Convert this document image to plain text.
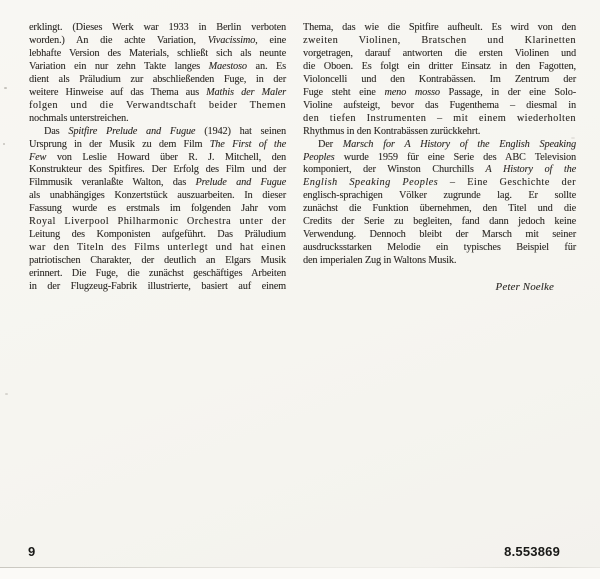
erklingt. (Dieses Werk war 1933 in Berlin verboten
worden.) An die achte Variation, Vivacissimo, eine
lebhafte Version des Materials, schließt sich als neunte
Variation ein nur zehn Takte langes Maestoso an. Es
dient als Präludium zur abschließenden Fuge, in der
weitere Hinweise auf das Thema aus Mathis der Maler
folgen und die Verwandtschaft beider Themen
nochmals unterstreichen.
Das Spitfire Prelude and Fugue (1942) hat seinen
Ursprung in der Musik zu dem Film The First of the
Few von Leslie Howard über R. J. Mitchell, den
Konstrukteur des Spitfires. Der Erfolg des Film und der
Filmmusik veranlaßte Walton, das Prelude and Fugue
als unabhängiges Konzertstück auszuarbeiten. In dieser
Fassung wurde es erstmals im folgenden Jahr vom
Royal Liverpool Philharmonic Orchestra unter der
Leitung des Komponisten aufgeführt. Das Präludium
war den Titeln des Films unterlegt und hat einen
patriotischen Charakter, der deutlich an Elgars Musik
erinnert. Die Fuge, die zunächst geschäftiges Arbeiten
in der Flugzeug-Fabrik illustrierte, basiert auf einem
Thema, das wie die Spitfire aufheult. Es wird von den
zweiten Violinen, Bratschen und Klarinetten
vorgetragen, darauf antworten die ersten Violinen und
die Oboen. Es folgt ein dritter Einsatz in den Fagotten,
Violoncelli und den Kontrabässen. Im Zentrum der
Fuge steht eine meno mosso Passage, in der eine Solo-
Violine aufsteigt, bevor das Fugenthema – diesmal in
den tiefen Instrumenten – mit einem wiederholten
Rhythmus in den Kontrabässen zurückkehrt.
Der Marsch for A History of the English Speaking
Peoples wurde 1959 für eine Serie des ABC Television
komponiert, der Winston Churchills A History of the
English Speaking Peoples – Eine Geschichte der
englisch-sprachigen Völker zugrunde lag. Er sollte
zunächst die Funktion übernehmen, den Titel und die
Credits der Serie zu begleiten, fand dann jedoch keine
Verwendung. Dennoch bleibt der Marsch mit seiner
ausdrucksstarken Melodie ein typisches Beispiel für
den imperialen Zug in Waltons Musik.
Peter Noelke
9	8.553869
